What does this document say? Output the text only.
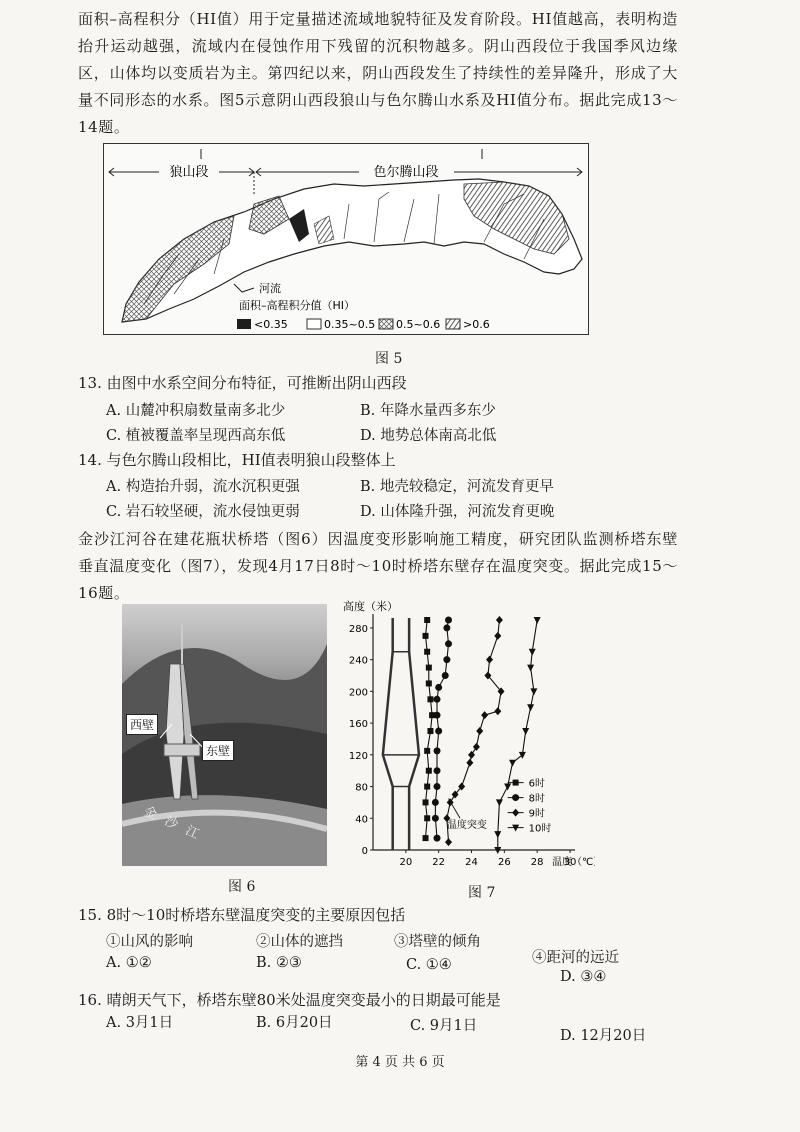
面积–高程积分（HI值）用于定量描述流域地貌特征及发育阶段。HI值越高，表明构造抬升运动越强，流域内在侵蚀作用下残留的沉积物越多。阴山西段位于我国季风边缘区，山体均以变质岩为主。第四纪以来，阴山西段发生了持续性的差异隆升，形成了大量不同形态的水系。图5示意阴山西段狼山与色尔腾山水系及HI值分布。据此完成13～14题。
狼山段	色尔腾山段
河流
面积–高程积分值（HI）
<0.35	0.35~0.5 0.5~0.6 >0.6
图 5
13. 由图中水系空间分布特征，可推断出阴山西段
A. 山麓冲积扇数量南多北少	B. 年降水量西多东少
C. 植被覆盖率呈现西高东低	D. 地势总体南高北低
14. 与色尔腾山段相比，HI值表明狼山段整体上
A. 构造抬升弱，流水沉积更强	B. 地壳较稳定，河流发育更早
C. 岩石较坚硬，流水侵蚀更弱	D. 山体隆升强，河流发育更晚
金沙江河谷在建花瓶状桥塔（图6）因温度变形影响施工精度，研究团队监测桥塔东壁垂直温度变化（图7），发现4月17日8时～10时桥塔东壁存在温度突变。据此完成15～16题。
西壁
东壁
金沙江
图 6
0
40
80
120
160
200
240
280
20 22 24 26 28 30
高度（米）
温度（℃
温度突变
6时
8时
9时
10时
图 7
15. 8时～10时桥塔东壁温度突变的主要原因包括
①山风的影响	②山体的遮挡	③塔壁的倾角
④距河的远近
A. ①②	B. ②③	C. ①④
D. ③④
16. 晴朗天气下，桥塔东壁80米处温度突变最小的日期最可能是
A. 3月1日	B. 6月20日	C. 9月1日
D. 12月20日
第 4 页 共 6 页
